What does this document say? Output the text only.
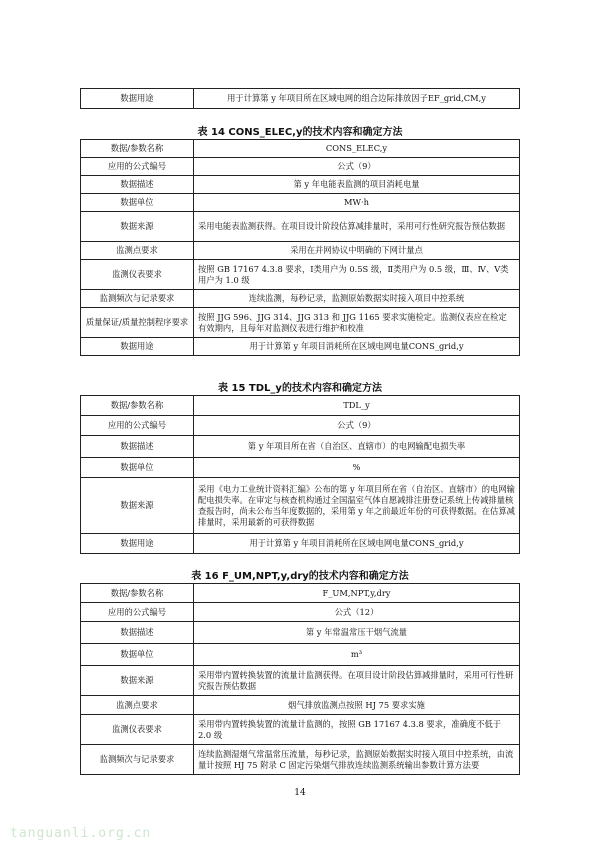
数据用途	用于计算第 y 年项目所在区域电网的组合边际排放因子EF_grid,CM,y
表 14 CONS_ELEC,y的技术内容和确定方法
数据/参数名称	CONS_ELEC,y
应用的公式编号	公式（9）
数据描述	第 y 年电能表监测的项目消耗电量
数据单位	MW·h
数据来源	采用电能表监测获得。在项目设计阶段估算减排量时，采用可行性研究报告预估数据
监测点要求	采用在并网协议中明确的下网计量点
监测仪表要求	按照 GB 17167 4.3.8 要求，Ⅰ类用户为 0.5S 级，Ⅱ类用户为 0.5 级，Ⅲ、Ⅳ、Ⅴ类用户为 1.0 级
监测频次与记录要求	连续监测，每秒记录，监测原始数据实时接入项目中控系统
质量保证/质量控制程序要求	按照 JJG 596、JJG 314、JJG 313 和 JJG 1165 要求实施检定。监测仪表应在检定有效期内，且每年对监测仪表进行维护和校准
数据用途	用于计算第 y 年项目消耗所在区域电网电量CONS_grid,y
表 15 TDL_y的技术内容和确定方法
数据/参数名称	TDL_y
应用的公式编号	公式（9）
数据描述	第 y 年项目所在省（自治区、直辖市）的电网输配电损失率
数据单位	%
数据来源	采用《电力工业统计资料汇编》公布的第 y 年项目所在省（自治区、直辖市）的电网输配电损失率。在审定与核查机构通过全国温室气体自愿减排注册登记系统上传减排量核查报告时，尚未公布当年度数据的，采用第 y 年之前最近年份的可获得数据。在估算减排量时，采用最新的可获得数据
数据用途	用于计算第 y 年项目消耗所在区域电网电量CONS_grid,y
表 16 F_UM,NPT,y,dry的技术内容和确定方法
数据/参数名称	F_UM,NPT,y,dry
应用的公式编号	公式（12）
数据描述	第 y 年常温常压干烟气流量
数据单位	m³
数据来源	采用带内置转换装置的流量计监测获得。在项目设计阶段估算减排量时，采用可行性研究报告预估数据
监测点要求	烟气排放监测点按照 HJ 75 要求实施
监测仪表要求	采用带内置转换装置的流量计监测的，按照 GB 17167 4.3.8 要求，准确度不低于 2.0 级
监测频次与记录要求	连续监测湿烟气常温常压流量，每秒记录，监测原始数据实时接入项目中控系统，由流量计按照 HJ 75 附录 C 固定污染烟气排放连续监测系统输出参数计算方法要
14
tanguanli.org.cn
